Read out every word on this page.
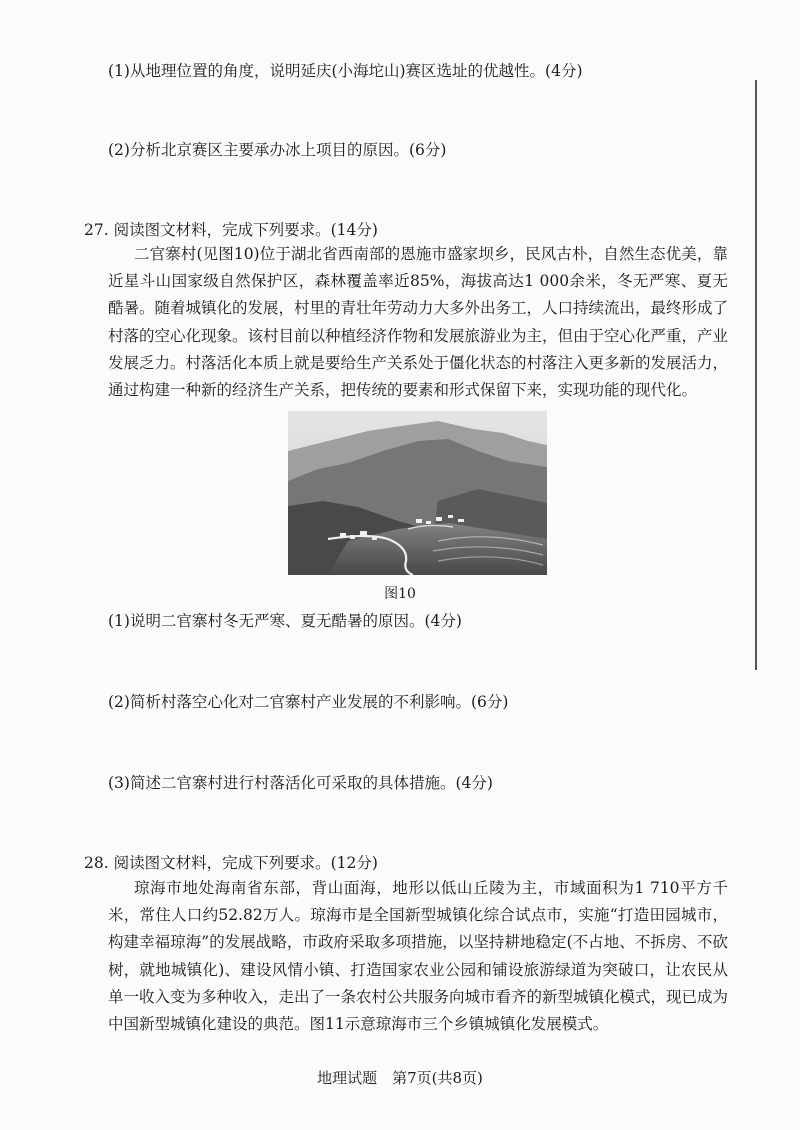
(1)从地理位置的角度，说明延庆(小海坨山)赛区选址的优越性。(4分)
(2)分析北京赛区主要承办冰上项目的原因。(6分)
27. 阅读图文材料，完成下列要求。(14分)
二官寨村(见图10)位于湖北省西南部的恩施市盛家坝乡，民风古朴，自然生态优美，靠近星斗山国家级自然保护区，森林覆盖率近85%，海拔高达1 000余米，冬无严寒、夏无酷暑。随着城镇化的发展，村里的青壮年劳动力大多外出务工，人口持续流出，最终形成了村落的空心化现象。该村目前以种植经济作物和发展旅游业为主，但由于空心化严重，产业发展乏力。村落活化本质上就是要给生产关系处于僵化状态的村落注入更多新的发展活力，通过构建一种新的经济生产关系，把传统的要素和形式保留下来，实现功能的现代化。
图10
(1)说明二官寨村冬无严寒、夏无酷暑的原因。(4分)
(2)简析村落空心化对二官寨村产业发展的不利影响。(6分)
(3)简述二官寨村进行村落活化可采取的具体措施。(4分)
28. 阅读图文材料，完成下列要求。(12分)
琼海市地处海南省东部，背山面海，地形以低山丘陵为主，市域面积为1 710平方千米，常住人口约52.82万人。琼海市是全国新型城镇化综合试点市，实施“打造田园城市，构建幸福琼海”的发展战略，市政府采取多项措施，以坚持耕地稳定(不占地、不拆房、不砍树，就地城镇化)、建设风情小镇、打造国家农业公园和铺设旅游绿道为突破口，让农民从单一收入变为多种收入，走出了一条农村公共服务向城市看齐的新型城镇化模式，现已成为中国新型城镇化建设的典范。图11示意琼海市三个乡镇城镇化发展模式。
地理试题　第7页(共8页)
